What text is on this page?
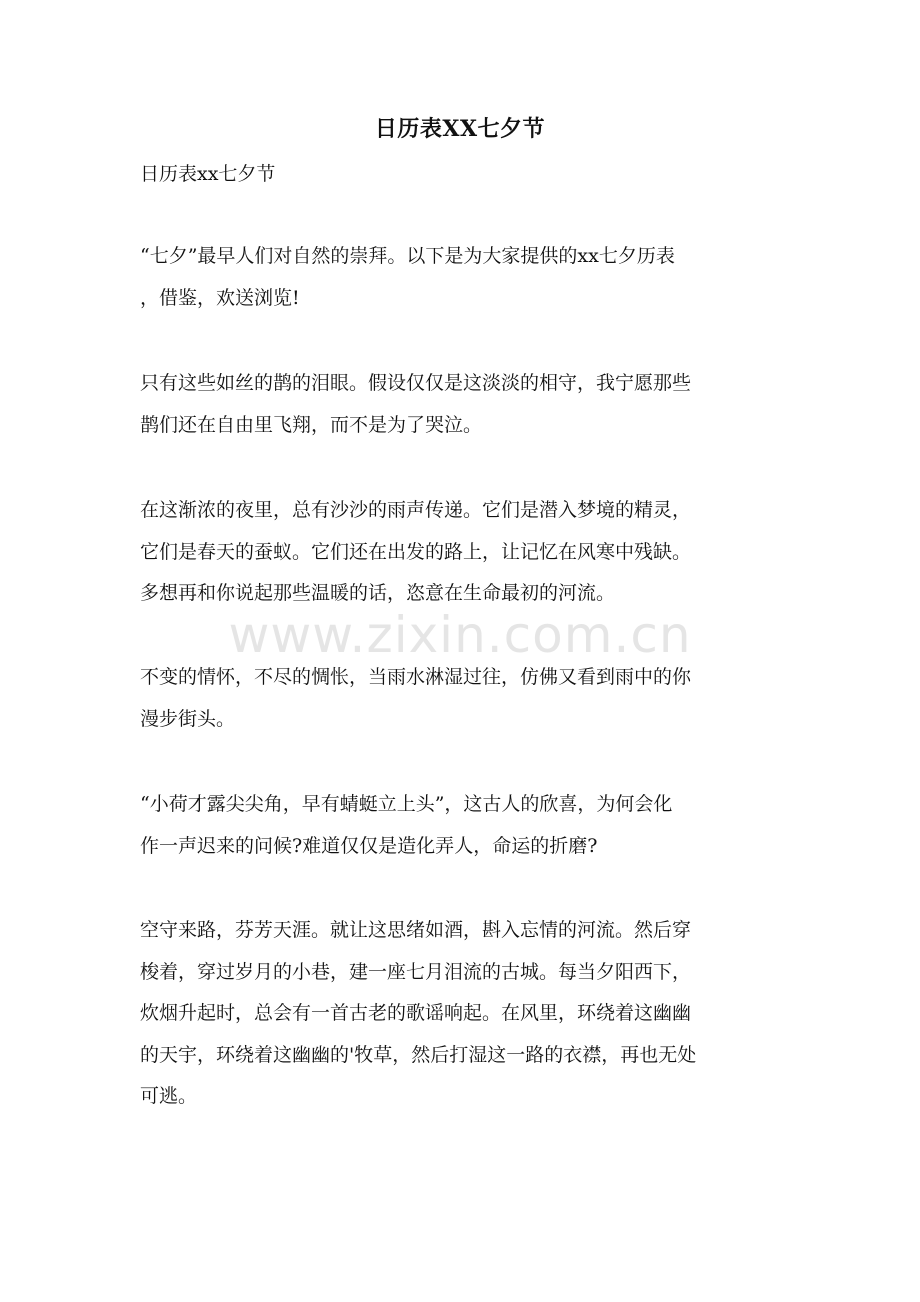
日历表XX七夕节
日历表xx七夕节
“七夕”最早人们对自然的崇拜。以下是为大家提供的xx七夕历表
，借鉴，欢送浏览!
只有这些如丝的鹊的泪眼。假设仅仅是这淡淡的相守，我宁愿那些
鹊们还在自由里飞翔，而不是为了哭泣。
在这渐浓的夜里，总有沙沙的雨声传递。它们是潜入梦境的精灵，
它们是春天的蚕蚁。它们还在出发的路上，让记忆在风寒中残缺。
多想再和你说起那些温暖的话，恣意在生命最初的河流。
不变的情怀，不尽的惆怅，当雨水淋湿过往，仿佛又看到雨中的你
漫步街头。
“小荷才露尖尖角，早有蜻蜓立上头”，这古人的欣喜，为何会化
作一声迟来的问候?难道仅仅是造化弄人，命运的折磨?
空守来路，芬芳天涯。就让这思绪如酒，斟入忘情的河流。然后穿
梭着，穿过岁月的小巷，建一座七月泪流的古城。每当夕阳西下，
炊烟升起时，总会有一首古老的歌谣响起。在风里，环绕着这幽幽
的天宇，环绕着这幽幽的'牧草，然后打湿这一路的衣襟，再也无处
可逃。
www.zixin.com.cn
